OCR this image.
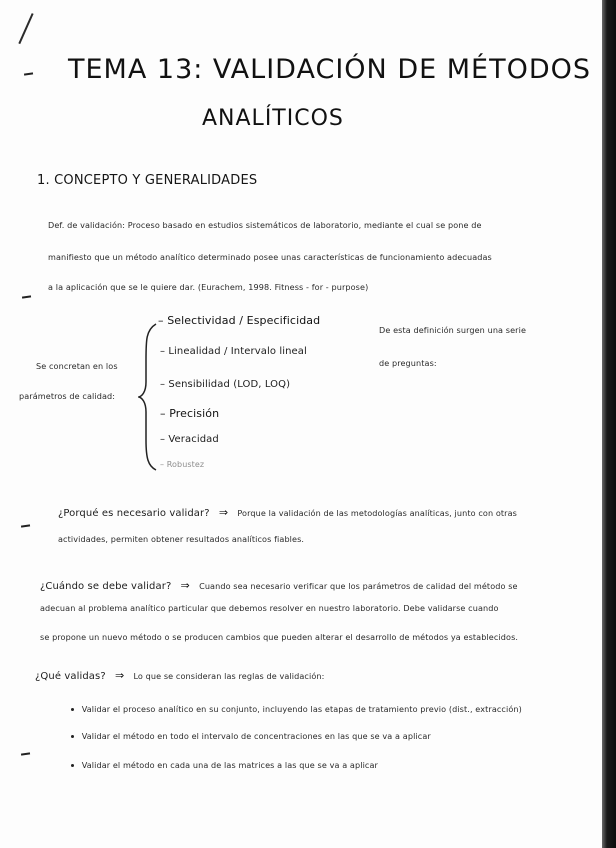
TEMA 13: VALIDACIÓN DE MÉTODOS
ANALÍTICOS
1. CONCEPTO Y GENERALIDADES
Def. de validación: Proceso basado en estudios sistemáticos de laboratorio, mediante el cual se pone de
manifiesto que un método analítico determinado posee unas características de funcionamiento adecuadas
a la aplicación que se le quiere dar. (Eurachem, 1998. Fitness - for - purpose)
Se concretan en los
parámetros de calidad:
– Selectividad / Especificidad
– Linealidad / Intervalo lineal
– Sensibilidad (LOD, LOQ)
– Precisión
– Veracidad
– Robustez
De esta definición surgen una serie
de preguntas:
¿Porqué es necesario validar? ⇒ Porque la validación de las metodologías analíticas, junto con otras
actividades, permiten obtener resultados analíticos fiables.
¿Cuándo se debe validar? ⇒ Cuando sea necesario verificar que los parámetros de calidad del método se
adecuan al problema analítico particular que debemos resolver en nuestro laboratorio. Debe validarse cuando
se propone un nuevo método o se producen cambios que pueden alterar el desarrollo de métodos ya establecidos.
¿Qué validas? ⇒ Lo que se consideran las reglas de validación:
Validar el proceso analítico en su conjunto, incluyendo las etapas de tratamiento previo (dist., extracción)
Validar el método en todo el intervalo de concentraciones en las que se va a aplicar
Validar el método en cada una de las matrices a las que se va a aplicar
